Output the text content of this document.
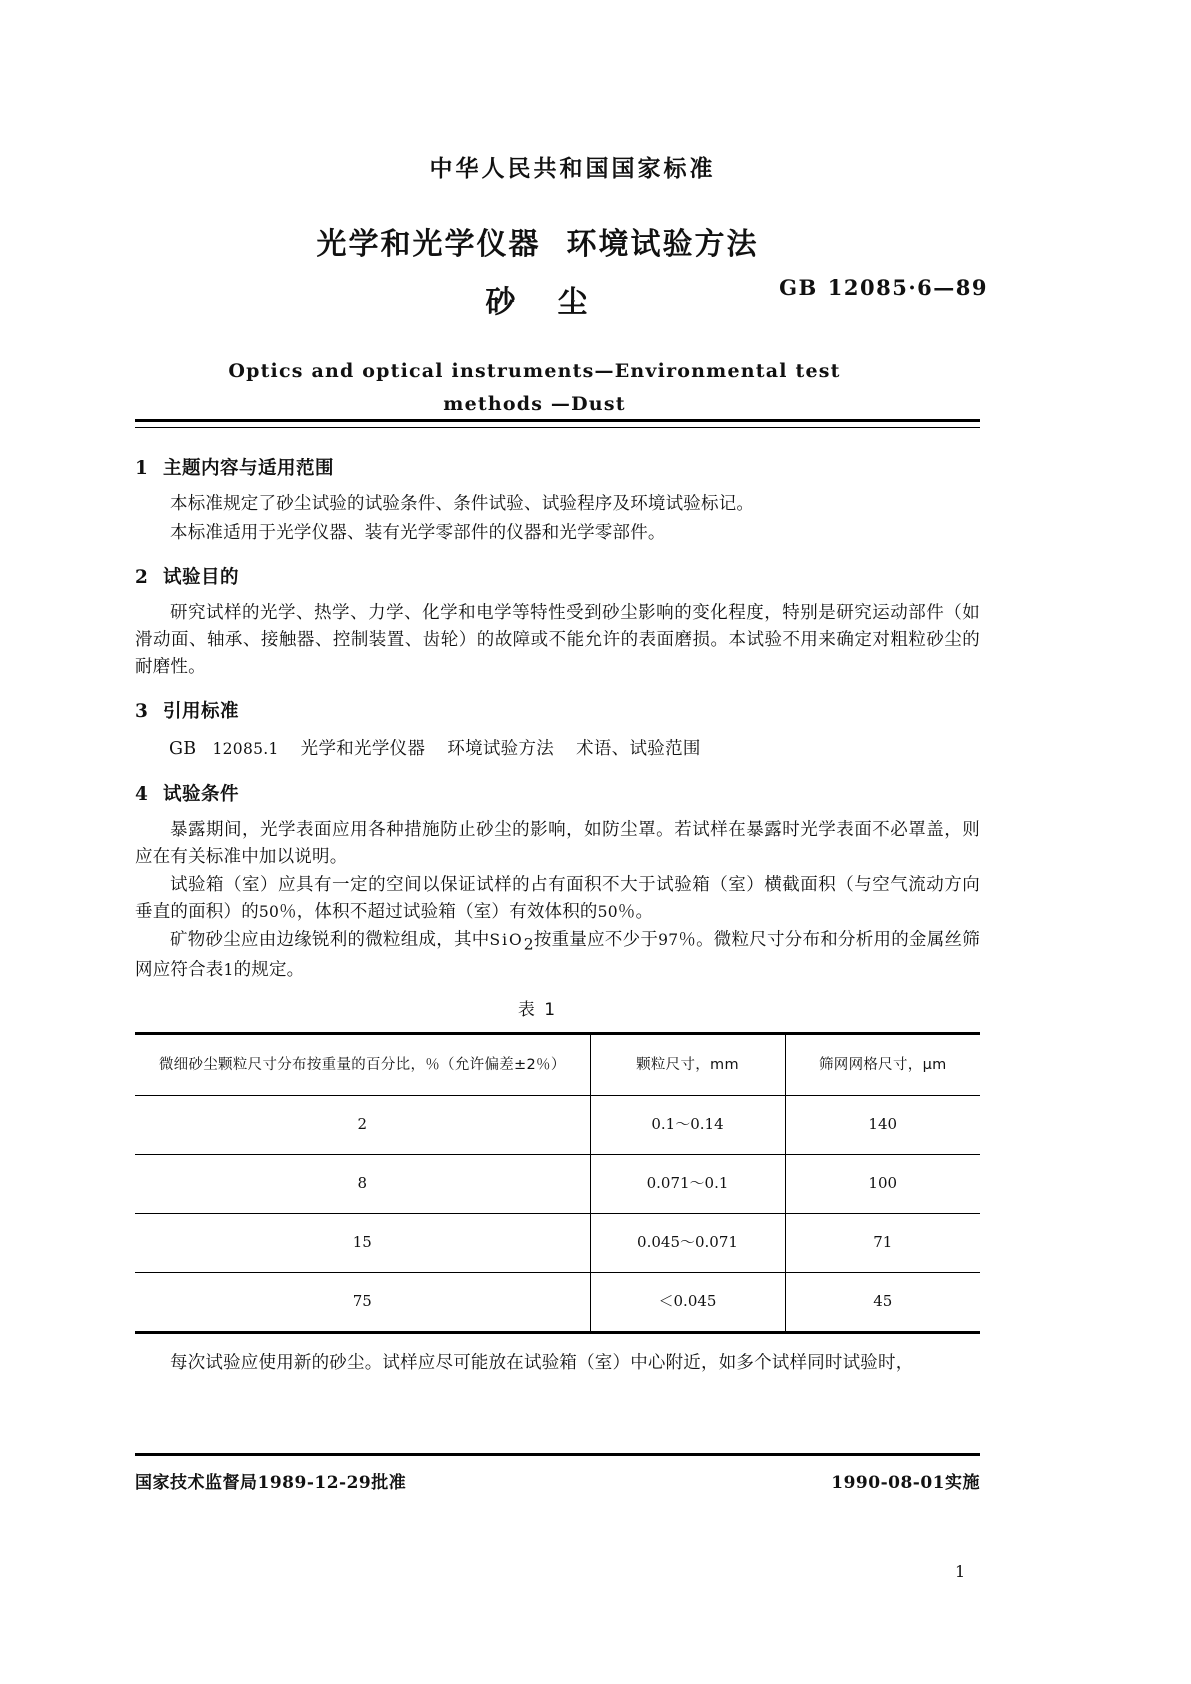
中华人民共和国国家标准
光学和光学仪器 环境试验方法
砂 尘	GB 12085·6—89
Optics and optical instruments—Environmental test
methods —Dust
1 主题内容与适用范围

本标准规定了砂尘试验的试验条件、条件试验、试验程序及环境试验标记。

本标准适用于光学仪器、装有光学零部件的仪器和光学零部件。

2 试验目的

研究试样的光学、热学、力学、化学和电学等特性受到砂尘影响的变化程度，特别是研究运动部件（如滑动面、轴承、接触器、控制装置、齿轮）的故障或不能允许的表面磨损。本试验不用来确定对粗粒砂尘的耐磨性。

3 引用标准

GB 12085.1 光学和光学仪器 环境试验方法 术语、试验范围

4 试验条件

暴露期间，光学表面应用各种措施防止砂尘的影响，如防尘罩。若试样在暴露时光学表面不必罩盖，则应在有关标准中加以说明。

试验箱（室）应具有一定的空间以保证试样的占有面积不大于试验箱（室）横截面积（与空气流动方向垂直的面积）的50％，体积不超过试验箱（室）有效体积的50％。

矿物砂尘应由边缘锐利的微粒组成，其中SiO$_2$按重量应不少于97％。微粒尺寸分布和分析用的金属丝筛网应符合表1的规定。

表 1
微细砂尘颗粒尺寸分布按重量的百分比，％（允许偏差±2％）	颗粒尺寸，mm	筛网网格尺寸，μm
2	0.1～0.14	140
8	0.071～0.1	100
15	0.045～0.071	71
75	＜0.045	45

每次试验应使用新的砂尘。试样应尽可能放在试验箱（室）中心附近，如多个试样同时试验时，

国家技术监督局1989-12-29批准	1990-08-01实施
1
